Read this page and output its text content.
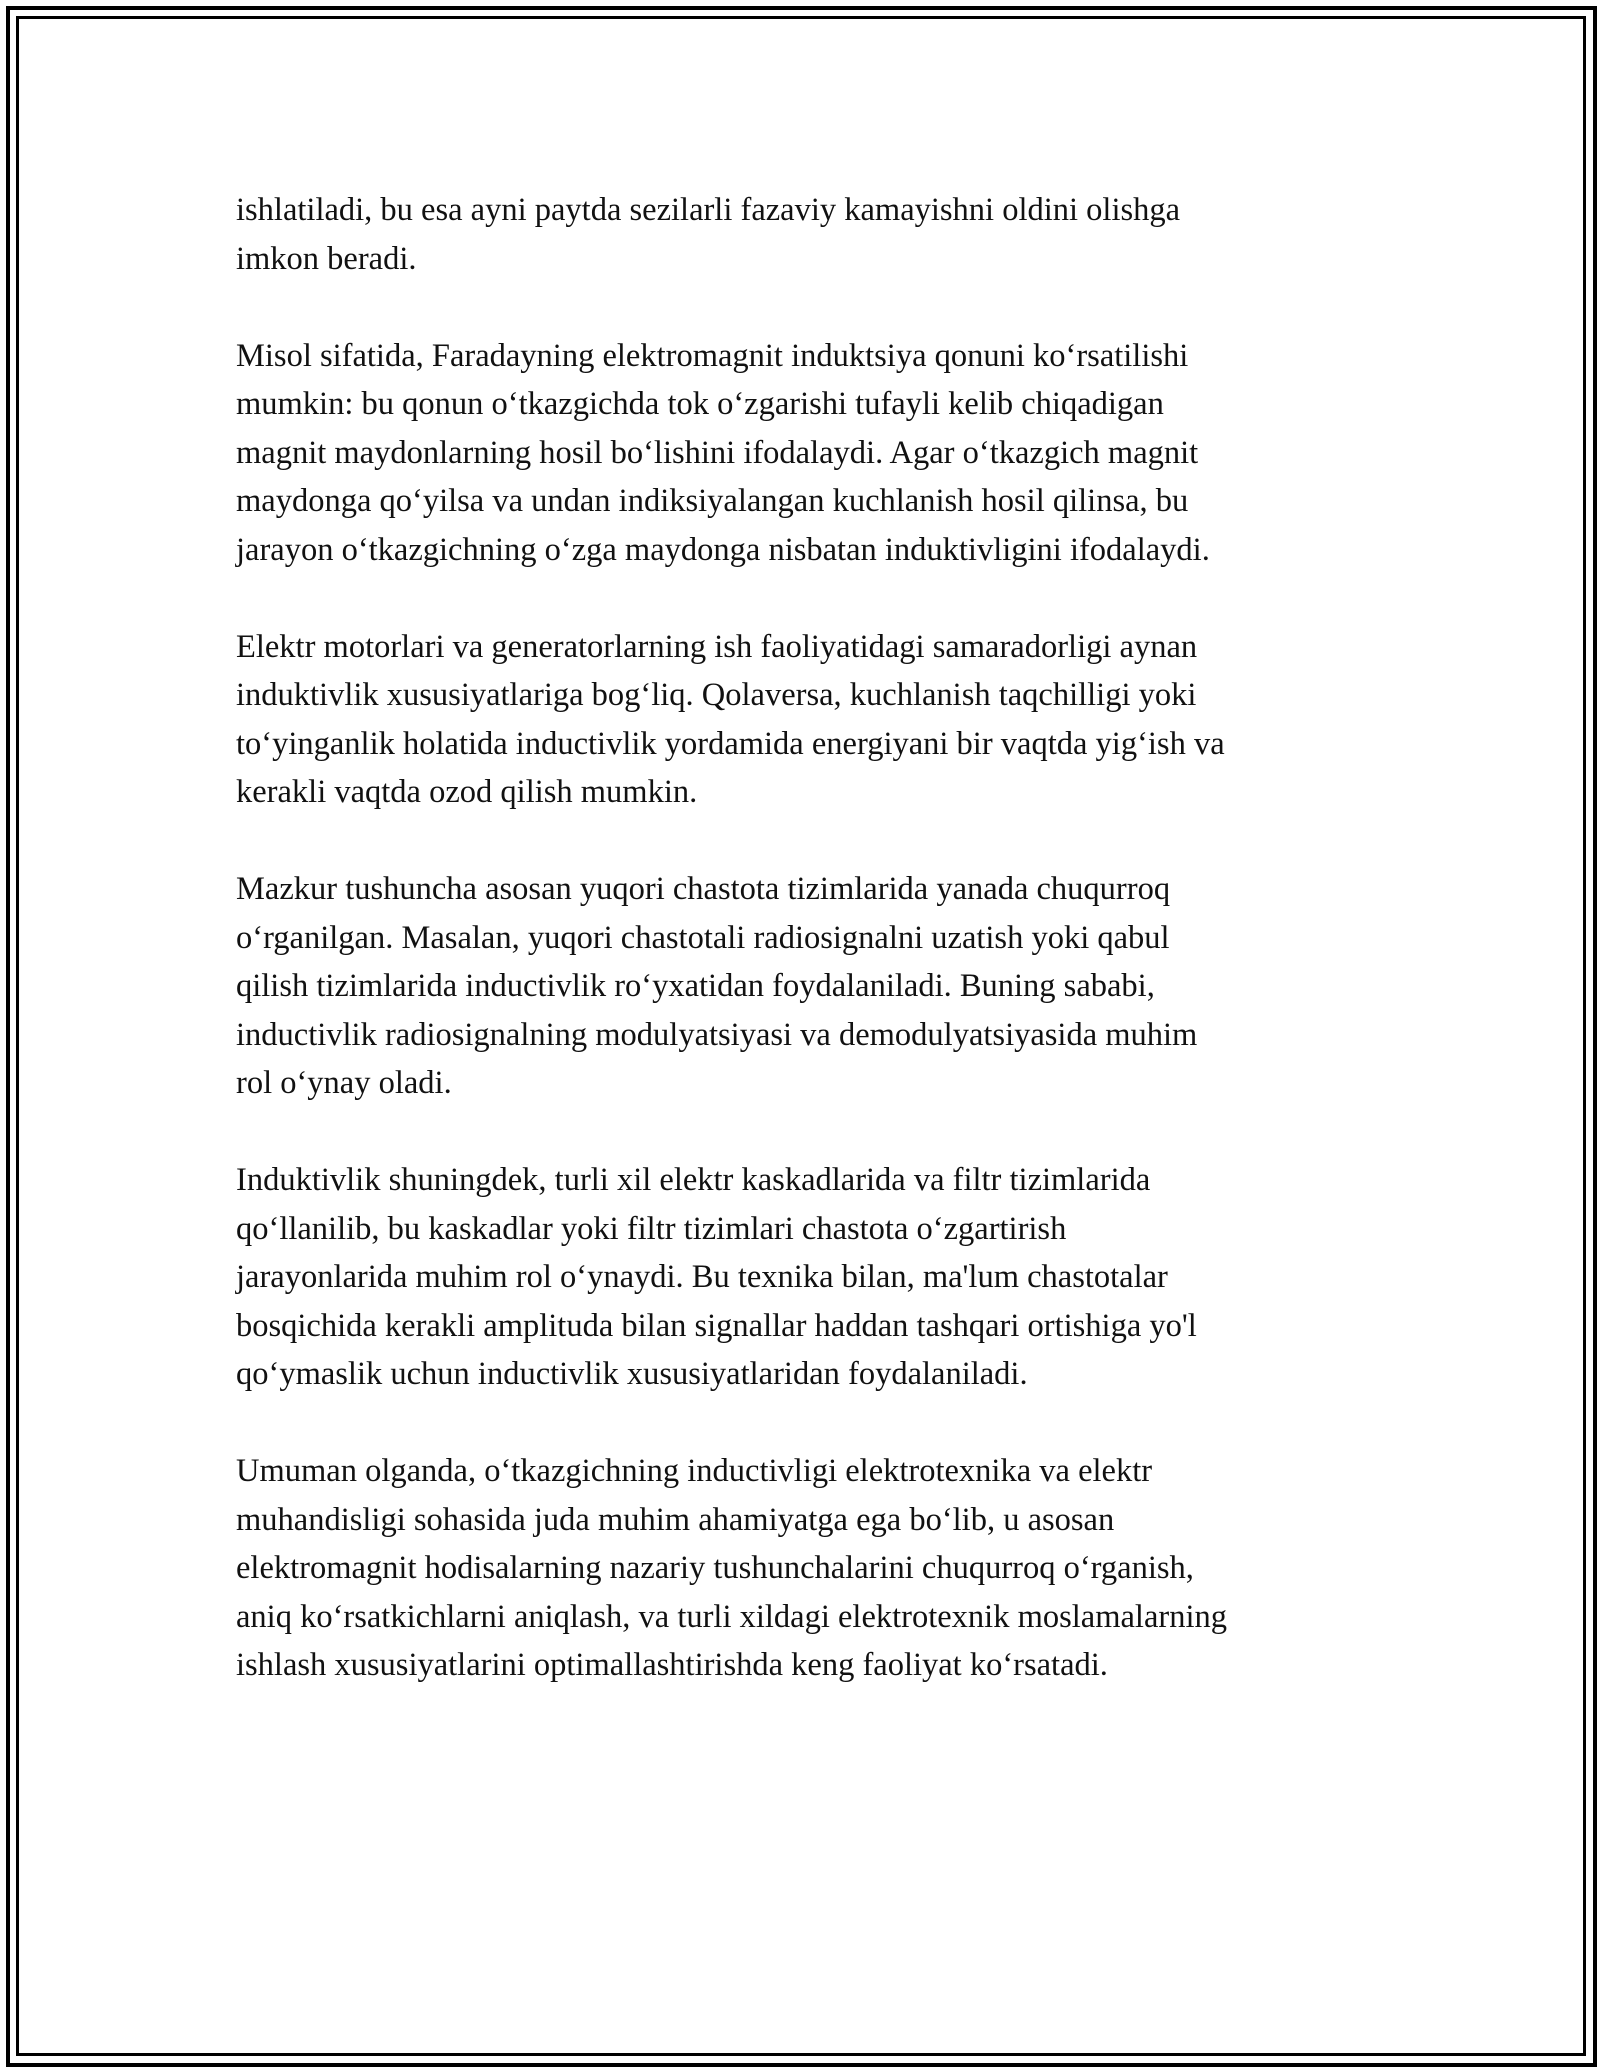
ishlatiladi, bu esa ayni paytda sezilarli fazaviy kamayishni oldini olishga
imkon beradi.

Misol sifatida, Faradayning elektromagnit induktsiya qonuni ko‘rsatilishi
mumkin: bu qonun o‘tkazgichda tok o‘zgarishi tufayli kelib chiqadigan
magnit maydonlarning hosil bo‘lishini ifodalaydi. Agar o‘tkazgich magnit
maydonga qo‘yilsa va undan indiksiyalangan kuchlanish hosil qilinsa, bu
jarayon o‘tkazgichning o‘zga maydonga nisbatan induktivligini ifodalaydi.

Elektr motorlari va generatorlarning ish faoliyatidagi samaradorligi aynan
induktivlik xususiyatlariga bog‘liq. Qolaversa, kuchlanish taqchilligi yoki
to‘yinganlik holatida inductivlik yordamida energiyani bir vaqtda yig‘ish va
kerakli vaqtda ozod qilish mumkin.

Mazkur tushuncha asosan yuqori chastota tizimlarida yanada chuqurroq
o‘rganilgan. Masalan, yuqori chastotali radiosignalni uzatish yoki qabul
qilish tizimlarida inductivlik ro‘yxatidan foydalaniladi. Buning sababi,
inductivlik radiosignalning modulyatsiyasi va demodulyatsiyasida muhim
rol o‘ynay oladi.

Induktivlik shuningdek, turli xil elektr kaskadlarida va filtr tizimlarida
qo‘llanilib, bu kaskadlar yoki filtr tizimlari chastota o‘zgartirish
jarayonlarida muhim rol o‘ynaydi. Bu texnika bilan, ma'lum chastotalar
bosqichida kerakli amplituda bilan signallar haddan tashqari ortishiga yo'l
qo‘ymaslik uchun inductivlik xususiyatlaridan foydalaniladi.

Umuman olganda, o‘tkazgichning inductivligi elektrotexnika va elektr
muhandisligi sohasida juda muhim ahamiyatga ega bo‘lib, u asosan
elektromagnit hodisalarning nazariy tushunchalarini chuqurroq o‘rganish,
aniq ko‘rsatkichlarni aniqlash, va turli xildagi elektrotexnik moslamalarning
ishlash xususiyatlarini optimallashtirishda keng faoliyat ko‘rsatadi.
